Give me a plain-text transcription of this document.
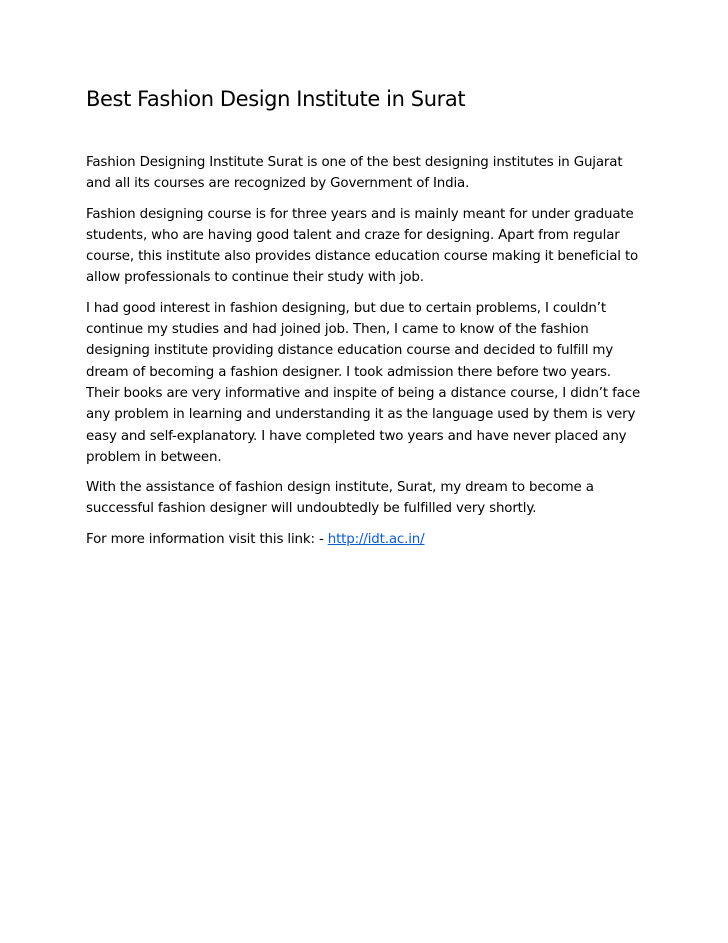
Best Fashion Design Institute in Surat

Fashion Designing Institute Surat is one of the best designing institutes in Gujarat and all its courses are recognized by Government of India.

Fashion designing course is for three years and is mainly meant for under graduate students, who are having good talent and craze for designing. Apart from regular course, this institute also provides distance education course making it beneficial to allow professionals to continue their study with job.

I had good interest in fashion designing, but due to certain problems, I couldn’t continue my studies and had joined job. Then, I came to know of the fashion designing institute providing distance education course and decided to fulfill my dream of becoming a fashion designer. I took admission there before two years. Their books are very informative and inspite of being a distance course, I didn’t face any problem in learning and understanding it as the language used by them is very easy and self-explanatory. I have completed two years and have never placed any problem in between.

With the assistance of fashion design institute, Surat, my dream to become a successful fashion designer will undoubtedly be fulfilled very shortly.

For more information visit this link: - http://idt.ac.in/
